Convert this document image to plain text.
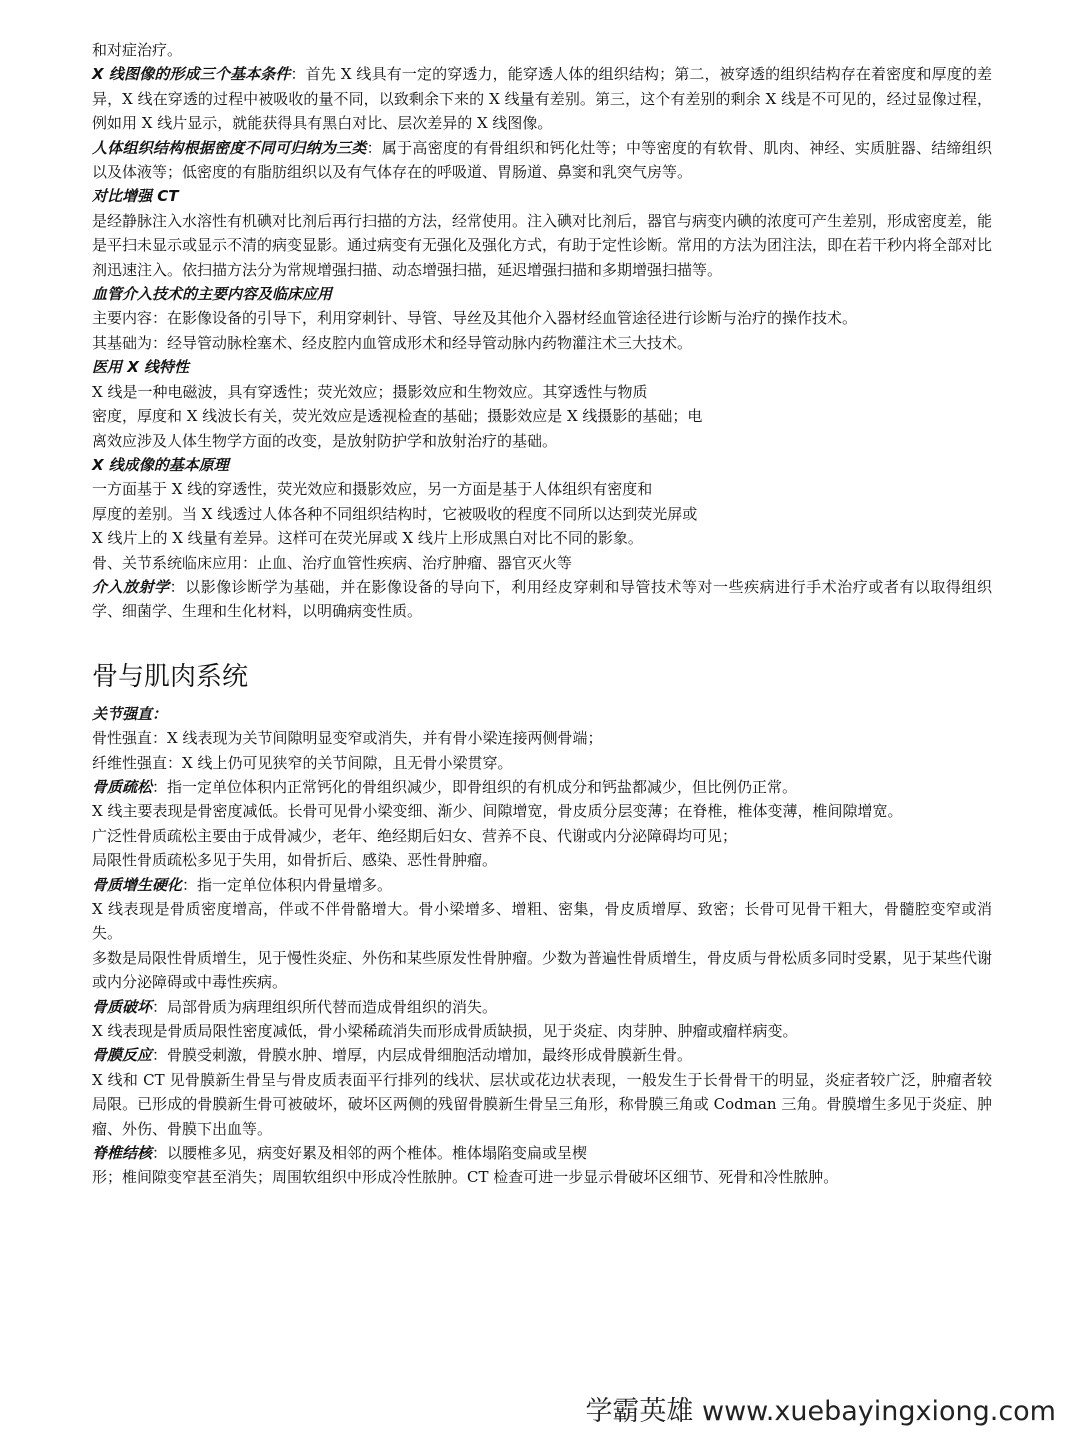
和对症治疗。

X 线图像的形成三个基本条件：首先 X 线具有一定的穿透力，能穿透人体的组织结构；第二，被穿透的组织结构存在着密度和厚度的差异，X 线在穿透的过程中被吸收的量不同，以致剩余下来的 X 线量有差别。第三，这个有差别的剩余 X 线是不可见的，经过显像过程，例如用 X 线片显示，就能获得具有黑白对比、层次差异的 X 线图像。

人体组织结构根据密度不同可归纳为三类：属于高密度的有骨组织和钙化灶等；中等密度的有软骨、肌肉、神经、实质脏器、结缔组织以及体液等；低密度的有脂肪组织以及有气体存在的呼吸道、胃肠道、鼻窦和乳突气房等。

对比增强 CT

是经静脉注入水溶性有机碘对比剂后再行扫描的方法，经常使用。注入碘对比剂后，器官与病变内碘的浓度可产生差别，形成密度差，能是平扫未显示或显示不清的病变显影。通过病变有无强化及强化方式，有助于定性诊断。常用的方法为团注法，即在若干秒内将全部对比剂迅速注入。依扫描方法分为常规增强扫描、动态增强扫描，延迟增强扫描和多期增强扫描等。

血管介入技术的主要内容及临床应用

主要内容：在影像设备的引导下，利用穿刺针、导管、导丝及其他介入器材经血管途径进行诊断与治疗的操作技术。

其基础为：经导管动脉栓塞术、经皮腔内血管成形术和经导管动脉内药物灌注术三大技术。

医用 X 线特性

X 线是一种电磁波，具有穿透性；荧光效应；摄影效应和生物效应。其穿透性与物质

密度，厚度和 X 线波长有关，荧光效应是透视检查的基础；摄影效应是 X 线摄影的基础；电

离效应涉及人体生物学方面的改变，是放射防护学和放射治疗的基础。

X 线成像的基本原理

一方面基于 X 线的穿透性，荧光效应和摄影效应，另一方面是基于人体组织有密度和

厚度的差别。当 X 线透过人体各种不同组织结构时，它被吸收的程度不同所以达到荧光屏或

X 线片上的 X 线量有差异。这样可在荧光屏或 X 线片上形成黑白对比不同的影象。

骨、关节系统临床应用：止血、治疗血管性疾病、治疗肿瘤、器官灭火等

介入放射学：以影像诊断学为基础，并在影像设备的导向下，利用经皮穿刺和导管技术等对一些疾病进行手术治疗或者有以取得组织学、细菌学、生理和生化材料，以明确病变性质。

骨与肌肉系统

关节强直：

骨性强直：X 线表现为关节间隙明显变窄或消失，并有骨小梁连接两侧骨端；

纤维性强直：X 线上仍可见狭窄的关节间隙，且无骨小梁贯穿。

骨质疏松：指一定单位体积内正常钙化的骨组织减少，即骨组织的有机成分和钙盐都减少，但比例仍正常。

X 线主要表现是骨密度减低。长骨可见骨小梁变细、渐少、间隙增宽，骨皮质分层变薄；在脊椎，椎体变薄，椎间隙增宽。

广泛性骨质疏松主要由于成骨减少，老年、绝经期后妇女、营养不良、代谢或内分泌障碍均可见；

局限性骨质疏松多见于失用，如骨折后、感染、恶性骨肿瘤。

骨质增生硬化：指一定单位体积内骨量增多。

X 线表现是骨质密度增高，伴或不伴骨骼增大。骨小梁增多、增粗、密集，骨皮质增厚、致密；长骨可见骨干粗大，骨髓腔变窄或消失。

多数是局限性骨质增生，见于慢性炎症、外伤和某些原发性骨肿瘤。少数为普遍性骨质增生，骨皮质与骨松质多同时受累，见于某些代谢或内分泌障碍或中毒性疾病。

骨质破坏：局部骨质为病理组织所代替而造成骨组织的消失。

X 线表现是骨质局限性密度减低，骨小梁稀疏消失而形成骨质缺损，见于炎症、肉芽肿、肿瘤或瘤样病变。

骨膜反应：骨膜受刺激，骨膜水肿、增厚，内层成骨细胞活动增加，最终形成骨膜新生骨。

X 线和 CT 见骨膜新生骨呈与骨皮质表面平行排列的线状、层状或花边状表现，一般发生于长骨骨干的明显，炎症者较广泛，肿瘤者较局限。已形成的骨膜新生骨可被破坏，破坏区两侧的残留骨膜新生骨呈三角形，称骨膜三角或 Codman 三角。骨膜增生多见于炎症、肿瘤、外伤、骨膜下出血等。

脊椎结核：以腰椎多见，病变好累及相邻的两个椎体。椎体塌陷变扁或呈楔

形；椎间隙变窄甚至消失；周围软组织中形成冷性脓肿。CT 检查可进一步显示骨破坏区细节、死骨和冷性脓肿。

学霸英雄 www.xuebayingxiong.com
